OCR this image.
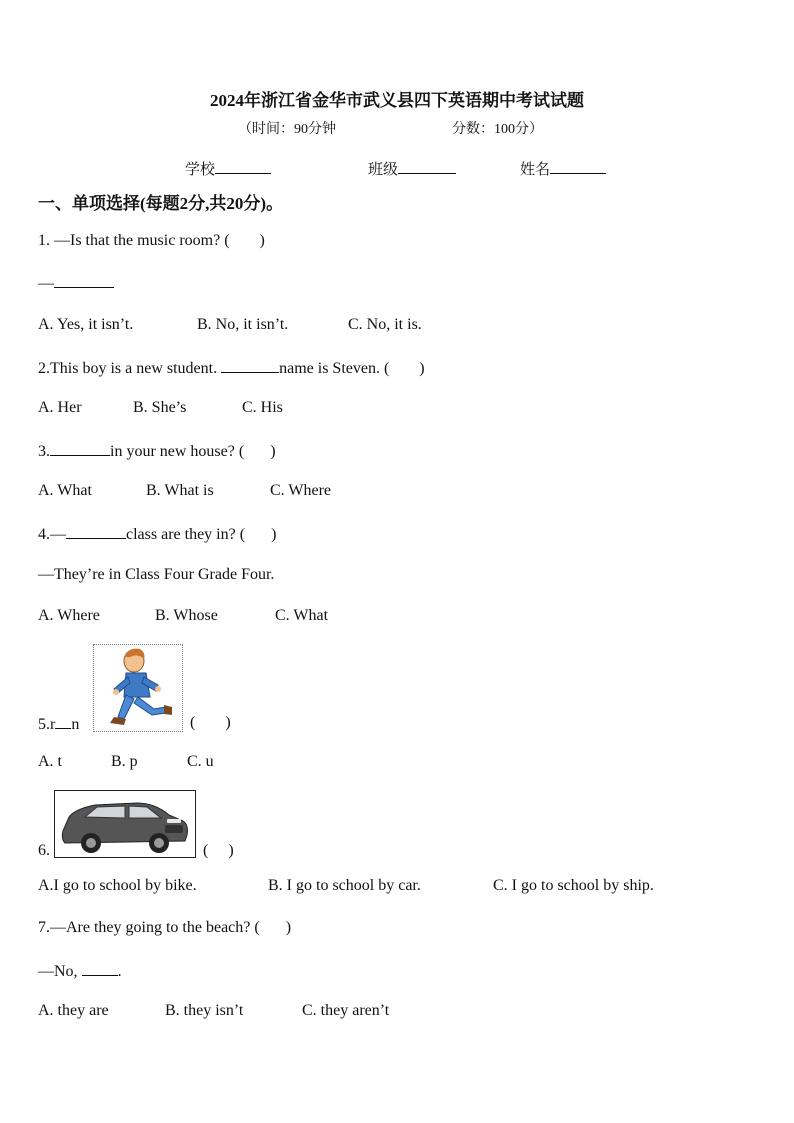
2024年浙江省金华市武义县四下英语期中考试试题
（时间：90分钟	分数：100分）
学校	班级	姓名
一、单项选择(每题2分,共20分)。
1. —Is that the music room? ( )
—
A. Yes, it isn’t.	B. No, it isn’t.	C. No, it is.
2.This boy is a new student.	name is Steven. ( )
A. Her	B. She’s	C. His
3.	in your new house? ( )
A. What	B. What is	C. Where
4.—	class are they in? ( )
—They’re in Class Four Grade Four.
A. Where	B. Whose	C. What
5.r n	( )
A. t	B. p	C. u
6.	( )
A.I go to school by bike.	B. I go to school by car.	C. I go to school by ship.
7.—Are they going to the beach? ( )
—No, .
A. they are	B. they isn’t	C. they aren’t
